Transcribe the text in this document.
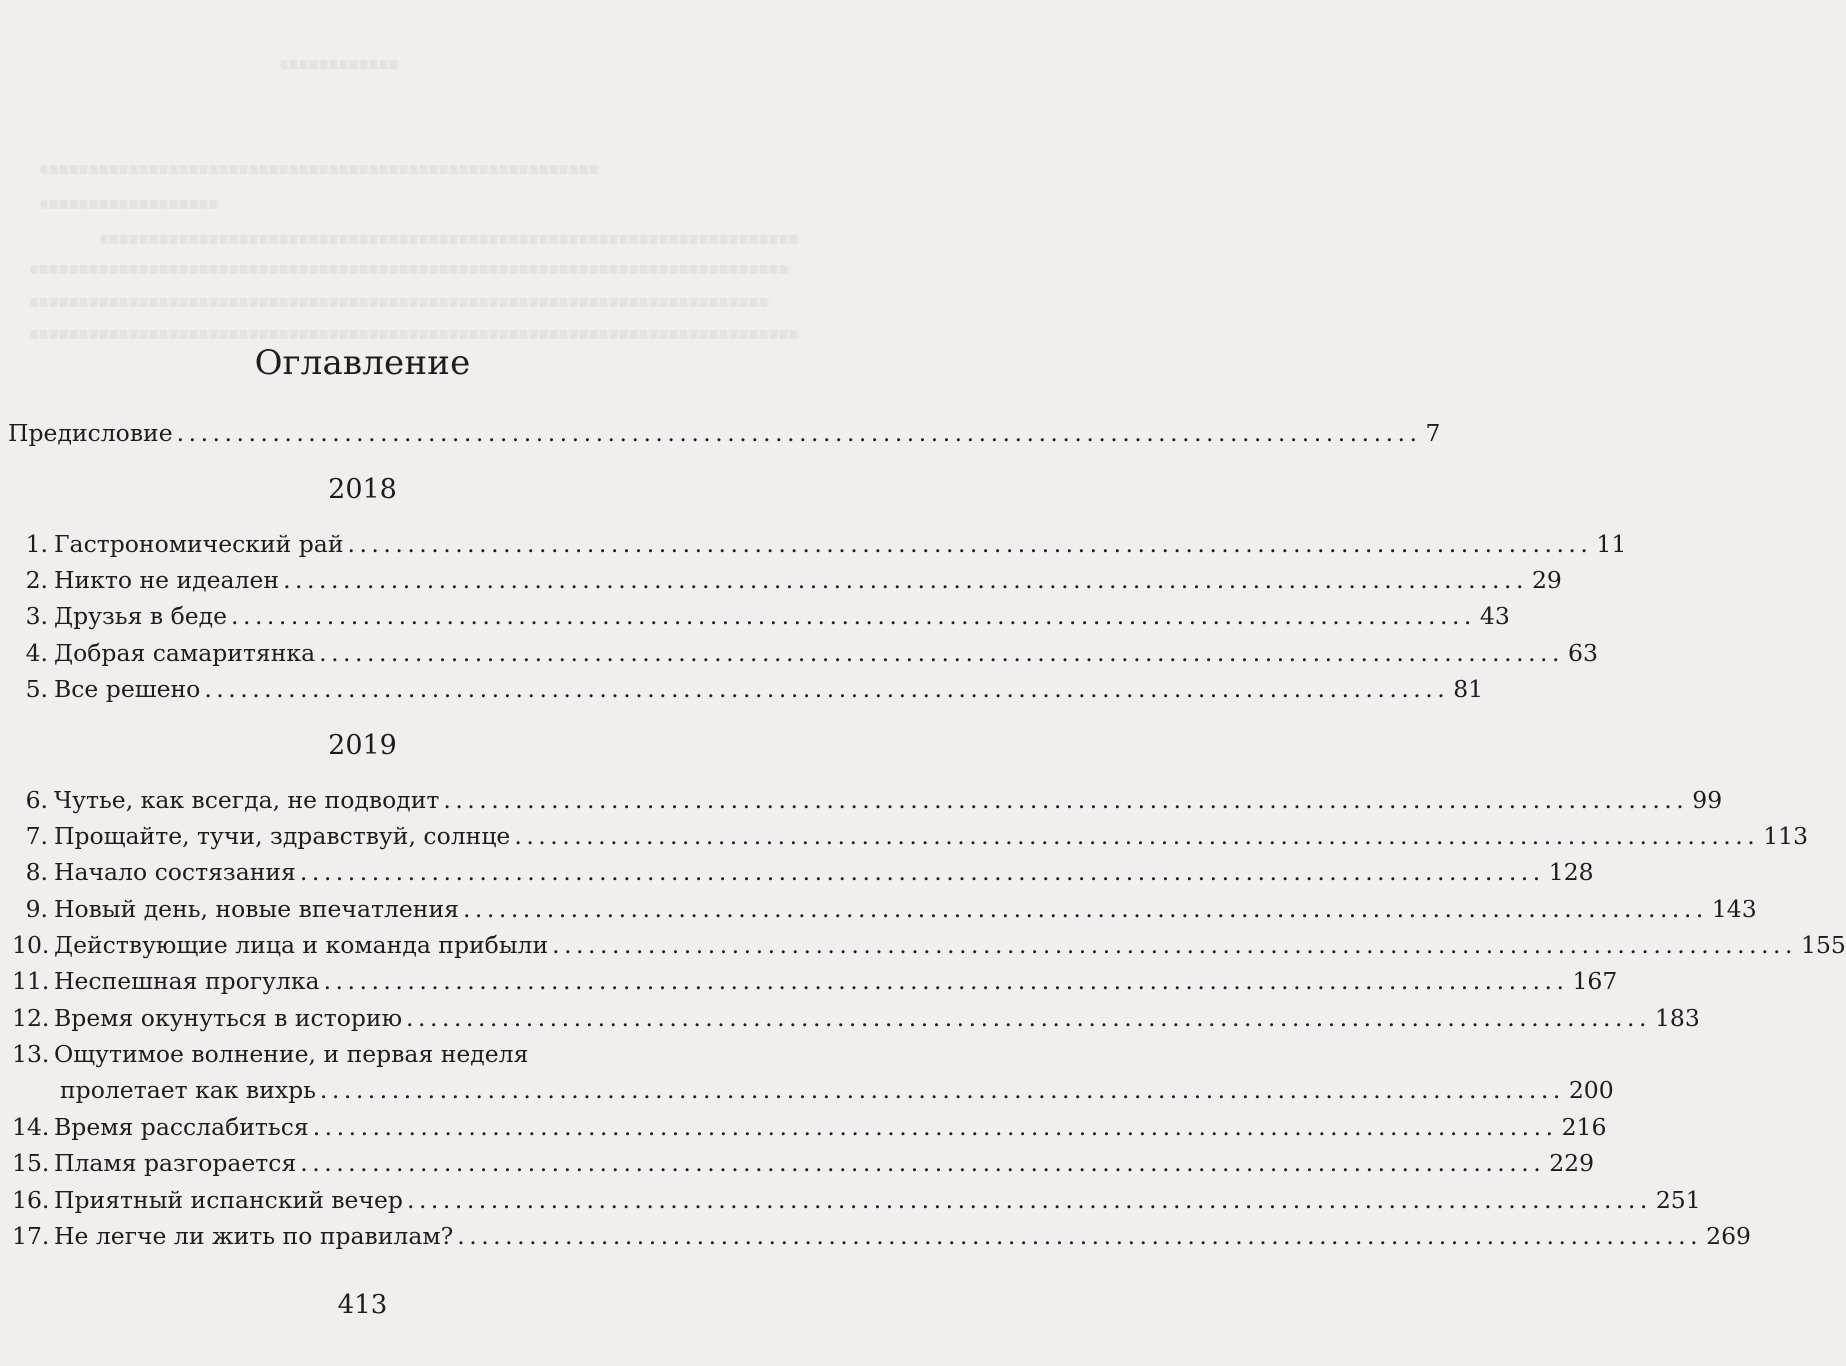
Оглавление
Предисловие ........................................................................................................ 7
2018
1. Гастрономический рай ........................................................................................................ 11
2. Никто не идеален ........................................................................................................ 29
3. Друзья в беде ........................................................................................................ 43
4. Добрая самаритянка ........................................................................................................ 63
5. Все решено ........................................................................................................ 81
2019
6. Чутье, как всегда, не подводит ........................................................................................................ 99
7. Прощайте, тучи, здравствуй, солнце ........................................................................................................ 113
8. Начало состязания ........................................................................................................ 128
9. Новый день, новые впечатления ........................................................................................................ 143
10. Действующие лица и команда прибыли ........................................................................................................ 155
11. Неспешная прогулка ........................................................................................................ 167
12. Время окунуться в историю ........................................................................................................ 183
13. Ощутимое волнение, и первая неделя
пролетает как вихрь ........................................................................................................ 200
14. Время расслабиться ........................................................................................................ 216
15. Пламя разгорается ........................................................................................................ 229
16. Приятный испанский вечер ........................................................................................................ 251
17. Не легче ли жить по правилам? ........................................................................................................ 269
413
